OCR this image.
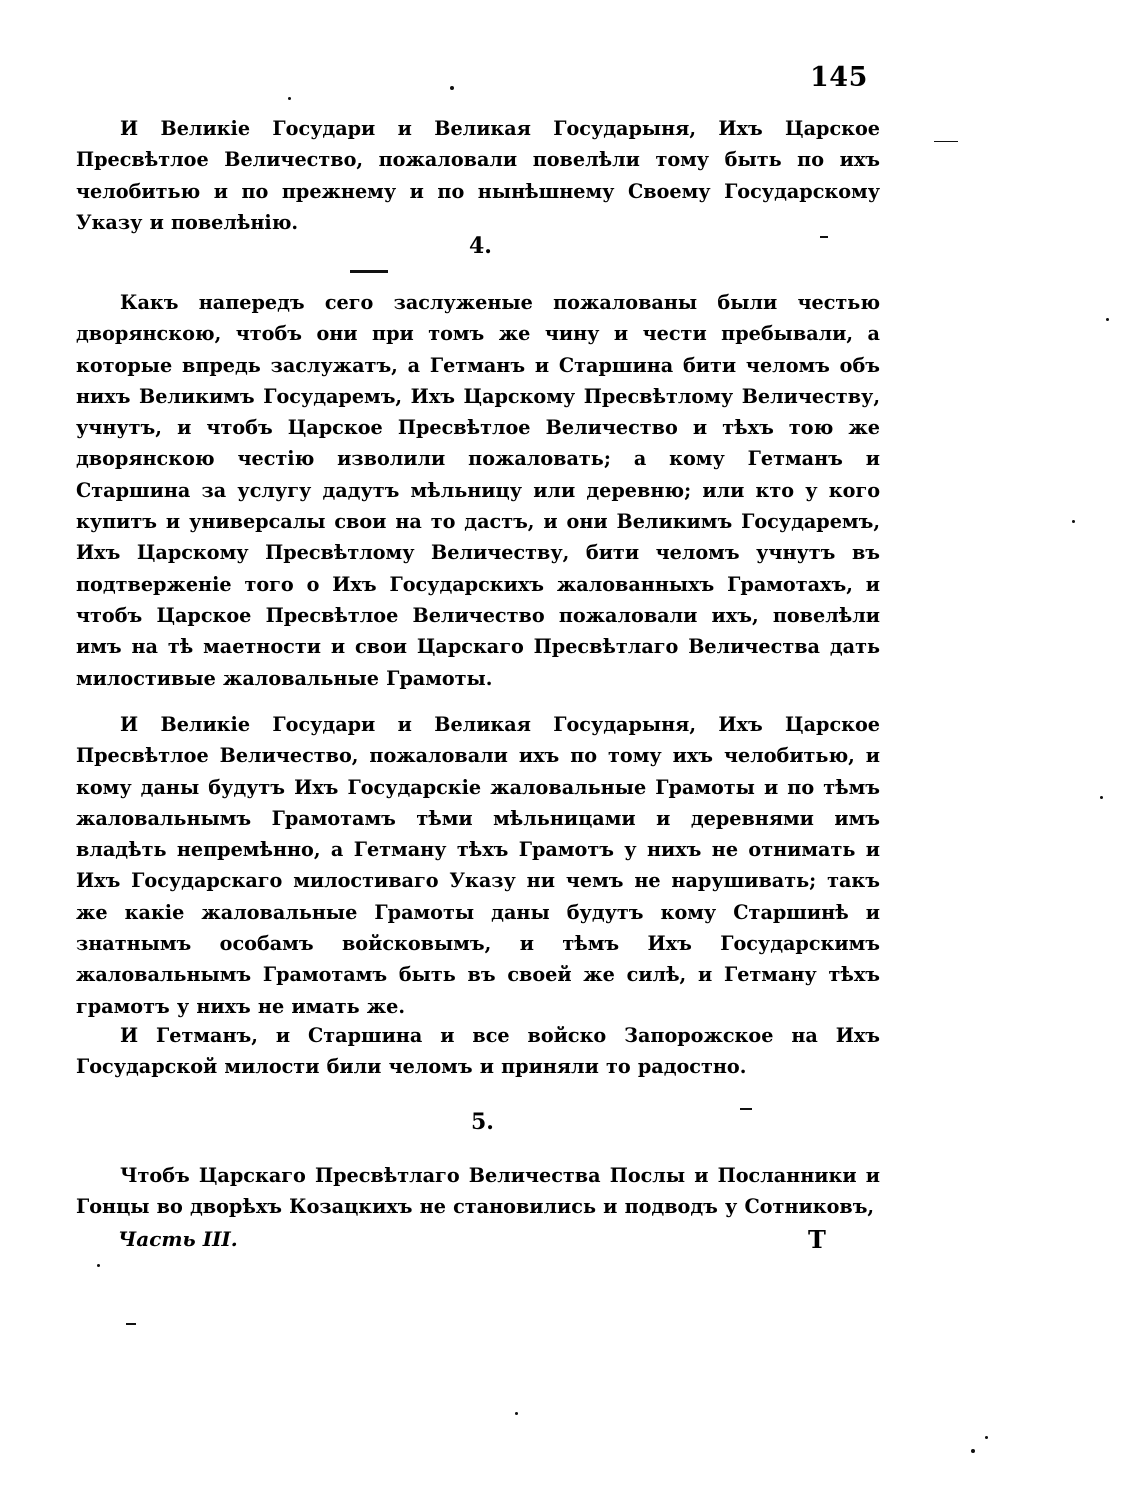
145

И Великіе Государи и Великая Государыня, Ихъ Царское Пресвѣтлое Величество, пожаловали повелѣли тому быть по ихъ челобитью и по прежнему и по нынѣшнему Своему Государскому Указу и повелѣнію.

4.

Какъ напередъ сего заслуженые пожалованы были честью дворянскою, чтобъ они при томъ же чину и чести пребывали, а которые впредь заслужатъ, а Гетманъ и Старшина бити челомъ объ нихъ Великимъ Государемъ, Ихъ Царскому Пресвѣтлому Величеству, учнутъ, и чтобъ Царское Пресвѣтлое Величество и тѣхъ тою же дворянскою честію изволили пожаловать; а кому Гетманъ и Старшина за услугу дадутъ мѣльницу или деревню; или кто у кого купитъ и универсалы свои на то дастъ, и они Великимъ Государемъ, Ихъ Царскому Пресвѣтлому Величеству, бити челомъ учнутъ въ подтверженіе того о Ихъ Государскихъ жалованныхъ Грамотахъ, и чтобъ Царское Пресвѣтлое Величество пожаловали ихъ, повелѣли имъ на тѣ маетности и свои Царскаго Пресвѣтлаго Величества дать милостивые жаловальные Грамоты.

И Великіе Государи и Великая Государыня, Ихъ Царское Пресвѣтлое Величество, пожаловали ихъ по тому ихъ челобитью, и кому даны будутъ Ихъ Государскіе жаловальные Грамоты и по тѣмъ жаловальнымъ Грамотамъ тѣми мѣльницами и деревнями имъ владѣть непремѣнно, а Гетману тѣхъ Грамотъ у нихъ не отнимать и Ихъ Государскаго милостиваго Указу ни чемъ не нарушивать; такъ же какіе жаловальные Грамоты даны будутъ кому Старшинѣ и знатнымъ особамъ войсковымъ, и тѣмъ Ихъ Государскимъ жаловальнымъ Грамотамъ быть въ своей же силѣ, и Гетману тѣхъ грамотъ у нихъ не имать же.

И Гетманъ, и Старшина и все войско Запорожское на Ихъ Государской милости били челомъ и приняли то радостно.

5.

Чтобъ Царскаго Пресвѣтлаго Величества Послы и Посланники и Гонцы во дворѣхъ Козацкихъ не становились и подводъ у Сотниковъ,

Часть III.	Т
